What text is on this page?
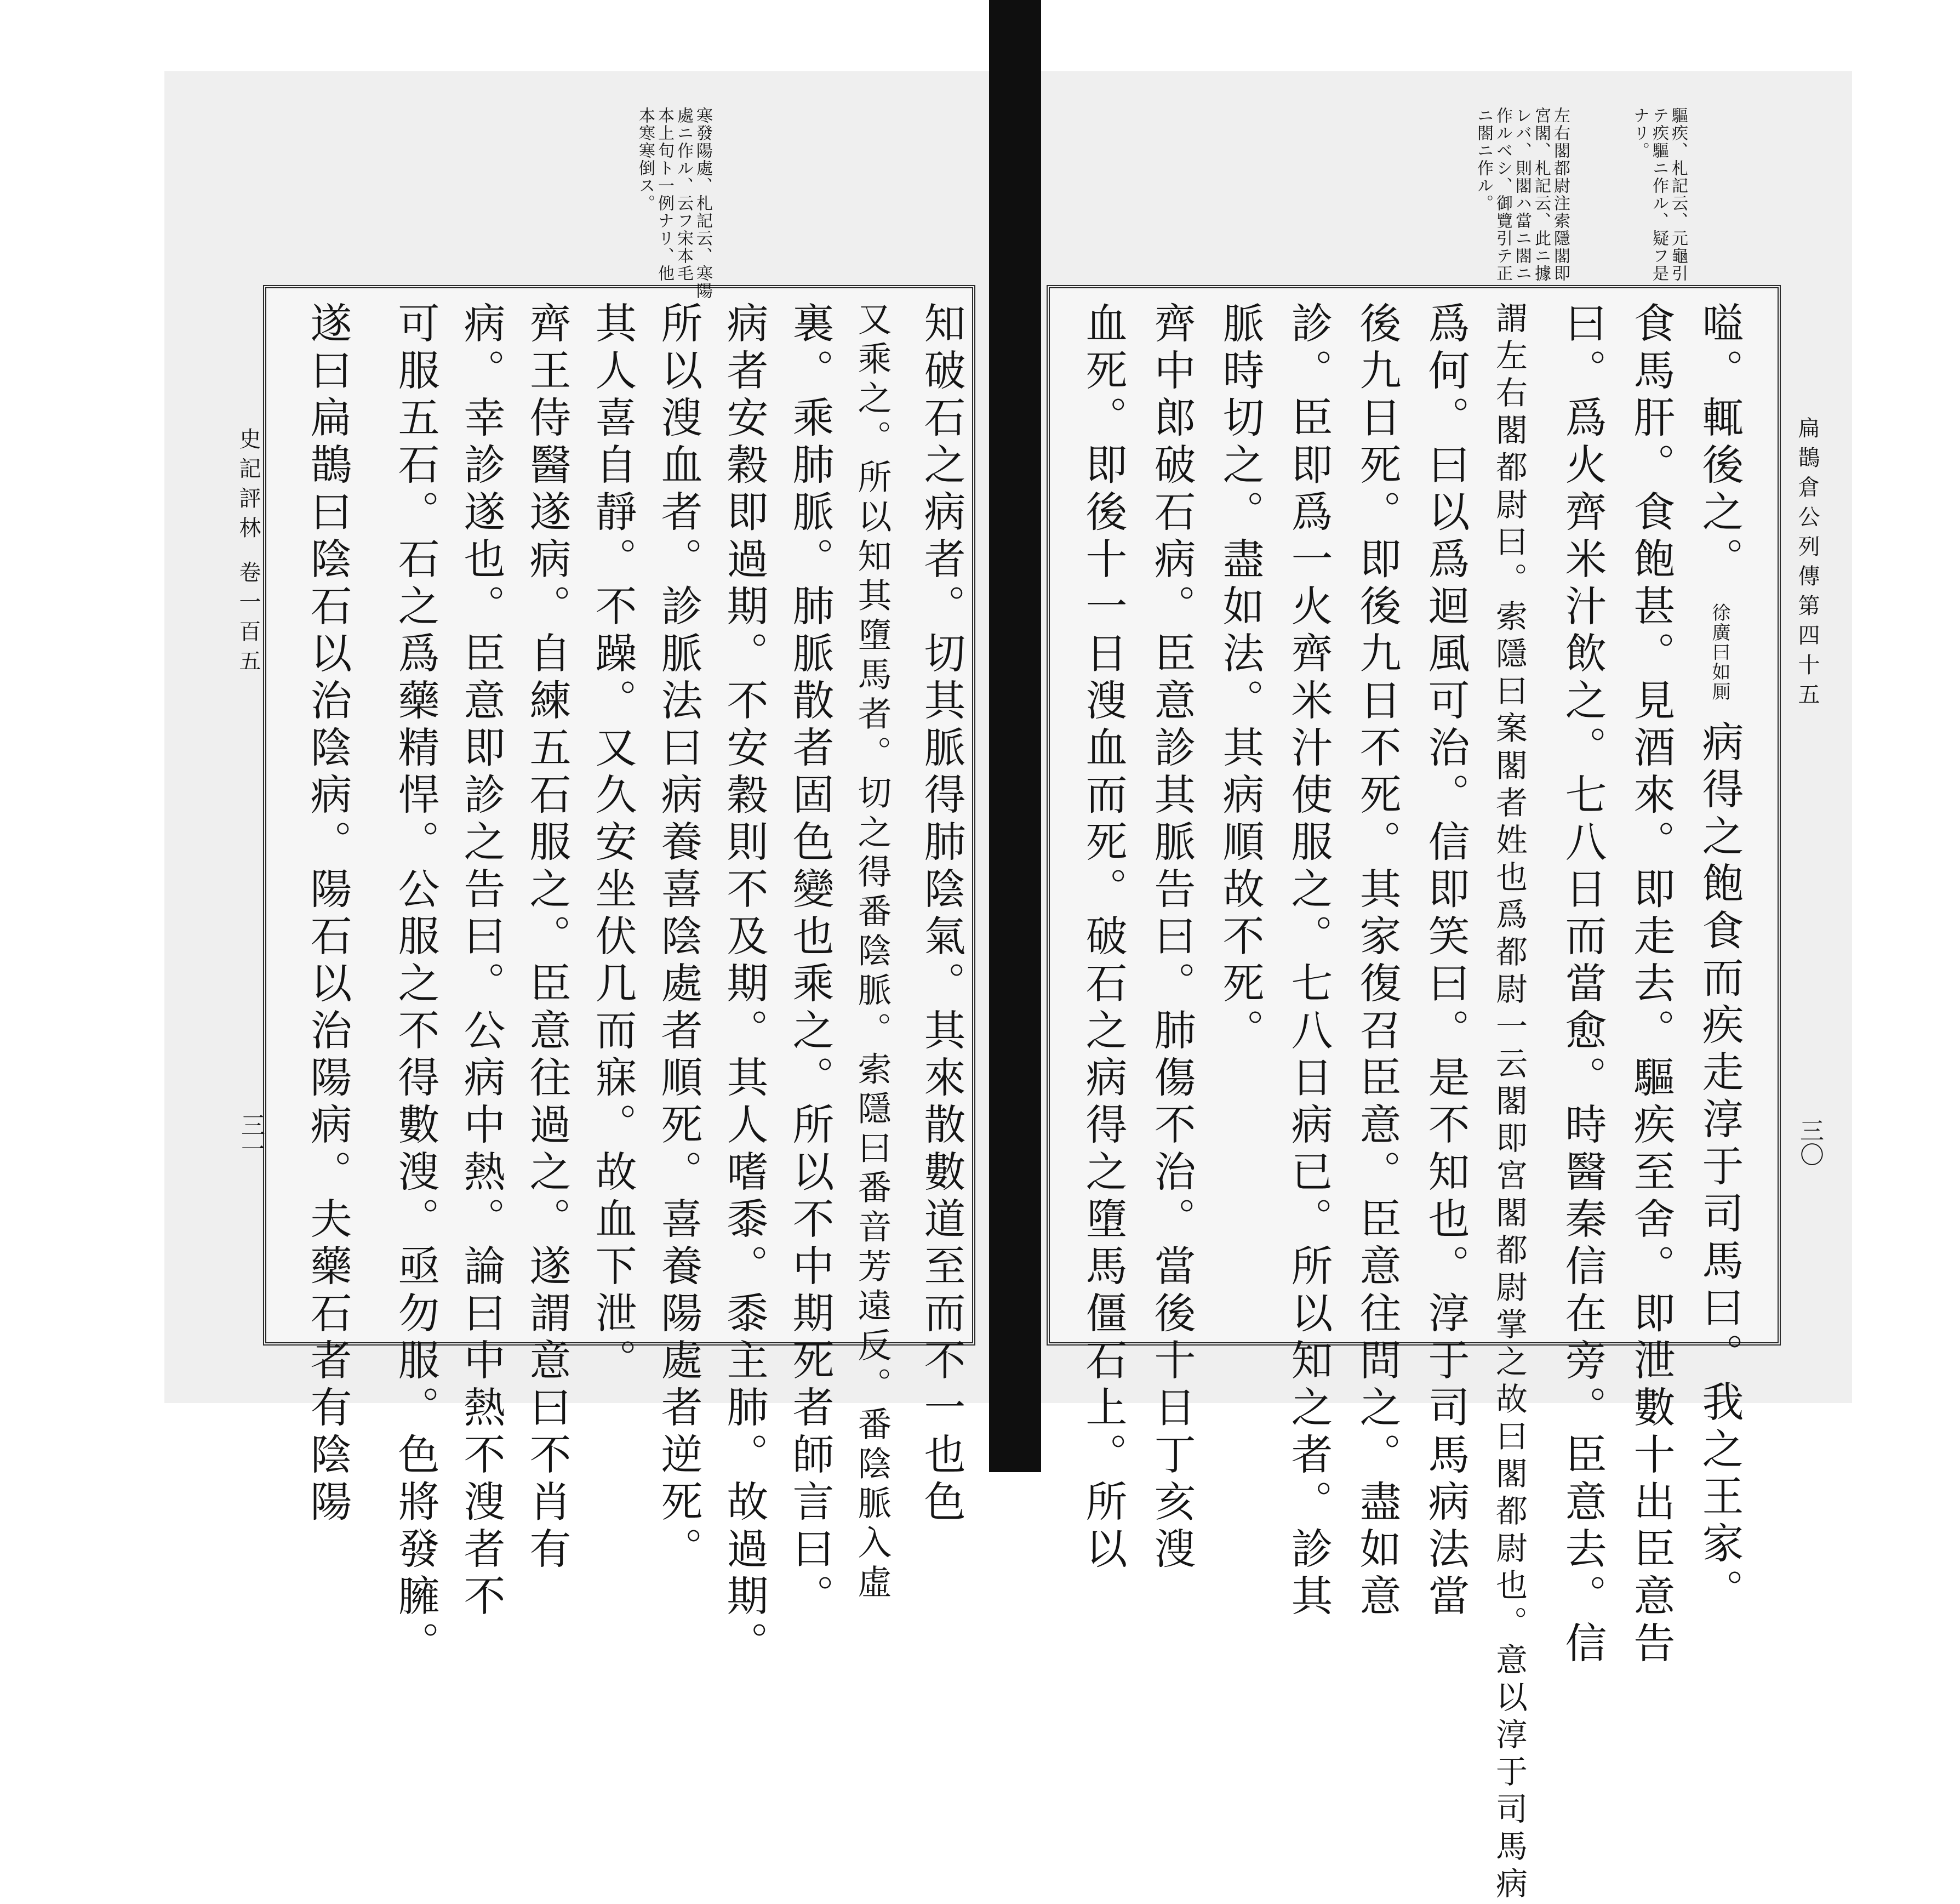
驅疾、札記云、元龜引
テ疾驅ニ作ル、疑フ是
ナリ。
左右閣都尉注索隱閣即
宮閣、札記云、此ニ據
レバ、則閣ハ當ニ閤ニ
作ルベシ、御覽引テ正
ニ閤ニ作ル。
寒發陽處、札記云、寒陽
處ニ作ル、云フ宋本毛
本上旬ト一例ナリ、他
本寒寒倒ス。
扁鵲倉公列傳第四十五
三〇
史記評林 卷一百五
三一
嗌。輒後之。 徐廣曰如厠 病得之飽食而疾走淳于司馬曰。我之王家。
食馬肝。食飽甚。見酒來。即走去。驅疾至舍。即泄數十出臣意告
曰。爲火齊米汁飲之。七八日而當愈。時醫秦信在旁。臣意去。信
謂左右閣都尉曰。索隱曰案閣者姓也爲都尉一云閣即宮閣都尉掌之故曰閣都尉也。意以淳于司馬病
爲何。曰以爲迴風可治。信即笑曰。是不知也。淳于司馬病法當
後九日死。即後九日不死。其家復召臣意。臣意往問之。盡如意
診。臣即爲一火齊米汁使服之。七八日病已。所以知之者。診其
脈時切之。盡如法。其病順故不死。
齊中郎破石病。臣意診其脈告曰。肺傷不治。當後十日丁亥溲
血死。即後十一日溲血而死。破石之病得之墮馬僵石上。所以
知破石之病者。切其脈得肺陰氣。其來散數道至而不一也色
又乘之。所以知其墮馬者。切之得番陰脈。索隱曰番音芳遠反。番陰脈入虛
裏。乘肺脈。肺脈散者固色變也乘之。所以不中期死者師言曰。
病者安穀即過期。不安穀則不及期。其人嗜黍。黍主肺。故過期。
所以溲血者。診脈法曰病養喜陰處者順死。喜養陽處者逆死。
其人喜自靜。不躁。又久安坐伏几而寐。故血下泄。
齊王侍醫遂病。自練五石服之。臣意往過之。遂謂意曰不肖有
病。幸診遂也。臣意即診之告曰。公病中熱。論曰中熱不溲者不
可服五石。石之爲藥精悍。公服之不得數溲。亟勿服。色將發臃。
遂曰扁鵲曰陰石以治陰病。陽石以治陽病。夫藥石者有陰陽
